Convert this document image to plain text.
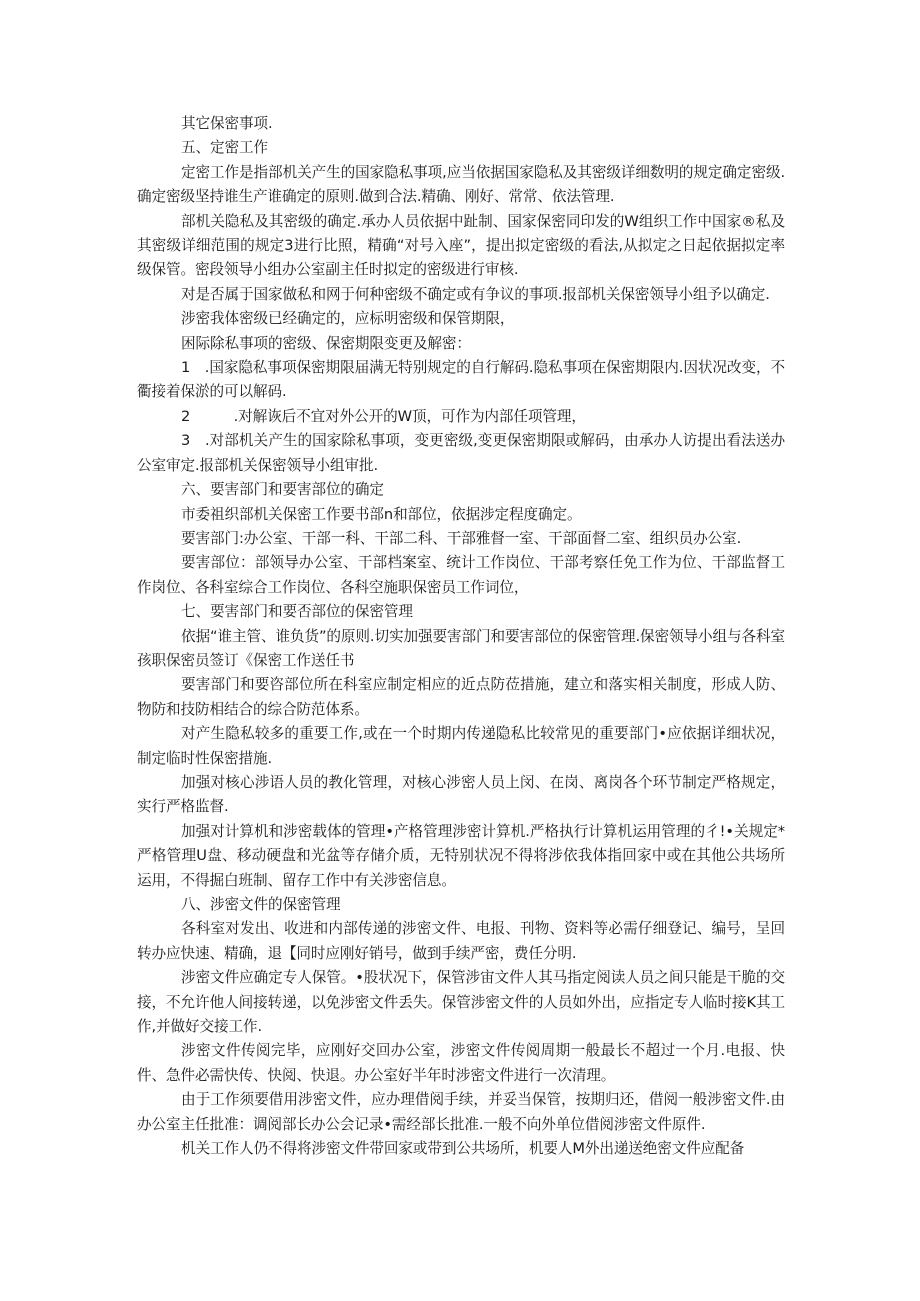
其它保密事项.

五、定密工作

定密工作是指部机关产生的国家隐私事项,应当依据国家隐私及其密级详细数明的规定确定密级.确定密级坚持谁生产谁确定的原则.做到合法.精确、刚好、常常、依法管理.

部机关隐私及其密级的确定.承办人员依据中趾制、国家保密同印发的W组织工作中国家®私及其密级详细范围的规定3进行比照，精确“对号入座”，提出拟定密级的看法,从拟定之日起依据拟定率级保管。密段领导小组办公室副主任时拟定的密级进行审核.

对是否属于国家做私和网于何种密级不确定或有争议的事项.报部机关保密领导小组予以确定.

涉密我体密级已经确定的，应标明密级和保管期限，

困际除私事项的密级、保密期限变更及解密：

1　.国家隐私事项保密期限届满无特别规定的自行解码.隐私事项在保密期限内.因状况改变，不衢接着保淤的可以解码.

2　　　.对解诙后不宜对外公开的W顶，可作为内部任项管理，

3　.对部机关产生的国家除私事项，变更密级,变更保密期限或解码，由承办人访提出看法送办公室审定.报部机关保密领导小组审批.

六、要害部门和要害部位的确定

市委祖织部机关保密工作要书部n和部位，依据涉定程度确定。

要害部门:办公室、干部一科、干部二科、干部雅督一室、干部面督二室、组织员办公室.

要害部位：部领导办公室、干部档案室、统计工作岗位、干部考察任免工作为位、干部监督工作岗位、各科室综合工作岗位、各科空施职保密员工作词位，

七、要害部门和要否部位的保密管理

依据“谁主管、谁负货”的原则.切实加强要害部门和要害部位的保密管理.保密领导小组与各科室孩职保密员签订《保密工作送任书

要害部门和要咨部位所在科室应制定相应的近点防莅措施，建立和落实相关制度，形成人防、物防和技防相结合的综合防范体系。

对产生隐私较多的重要工作,或在一个时期内传递隐私比较常见的重要部门•应依据详细状况，制定临时性保密措施.

加强对核心涉语人员的教化管理，对核心涉密人员上闵、在岗、离岗各个环节制定严格规定，实行严格监督.

加强对计算机和涉密载体的管理•产格管理涉密计算机.严格执行计算机运用管理的彳!•关规定*严格管理U盘、移动硬盘和光盆等存储介质，无特别状况不得将涉依我体指回家中或在其他公共场所运用，不得掘白班制、留存工作中有关涉密信息。

八、涉密文件的保密管理

各科室对发出、收进和内部传递的涉密文件、电报、刊物、资料等必需仔细登记、编号，呈回转办应快速、精确，退【同时应刚好销号，做到手续严密，费任分明.

涉密文件应确定专人保管。•股状况下，保管涉宙文件人其马指定阅读人员之间只能是干脆的交接，不允许他人间接转递，以免涉密文件丢失。保管涉密文件的人员如外出，应指定专人临时接K其工作,并做好交接工作.

涉密文件传阅完毕，应刚好交回办公室，涉密文件传阅周期一般最长不超过一个月.电报、快件、急件必需快传、快阅、快退。办公室好半年时涉密文件进行一次清理。

由于工作须要借用涉密文件，应办理借阅手续，并妥当保管，按期归还，借阅一般涉密文件.由办公室主任批准：调阅部长办公会记录•需经部长批准.一般不向外单位借阅涉密文件原件.

机关工作人仍不得将涉密文件带回家或带到公共场所，机要人M外出递送绝密文件应配备
